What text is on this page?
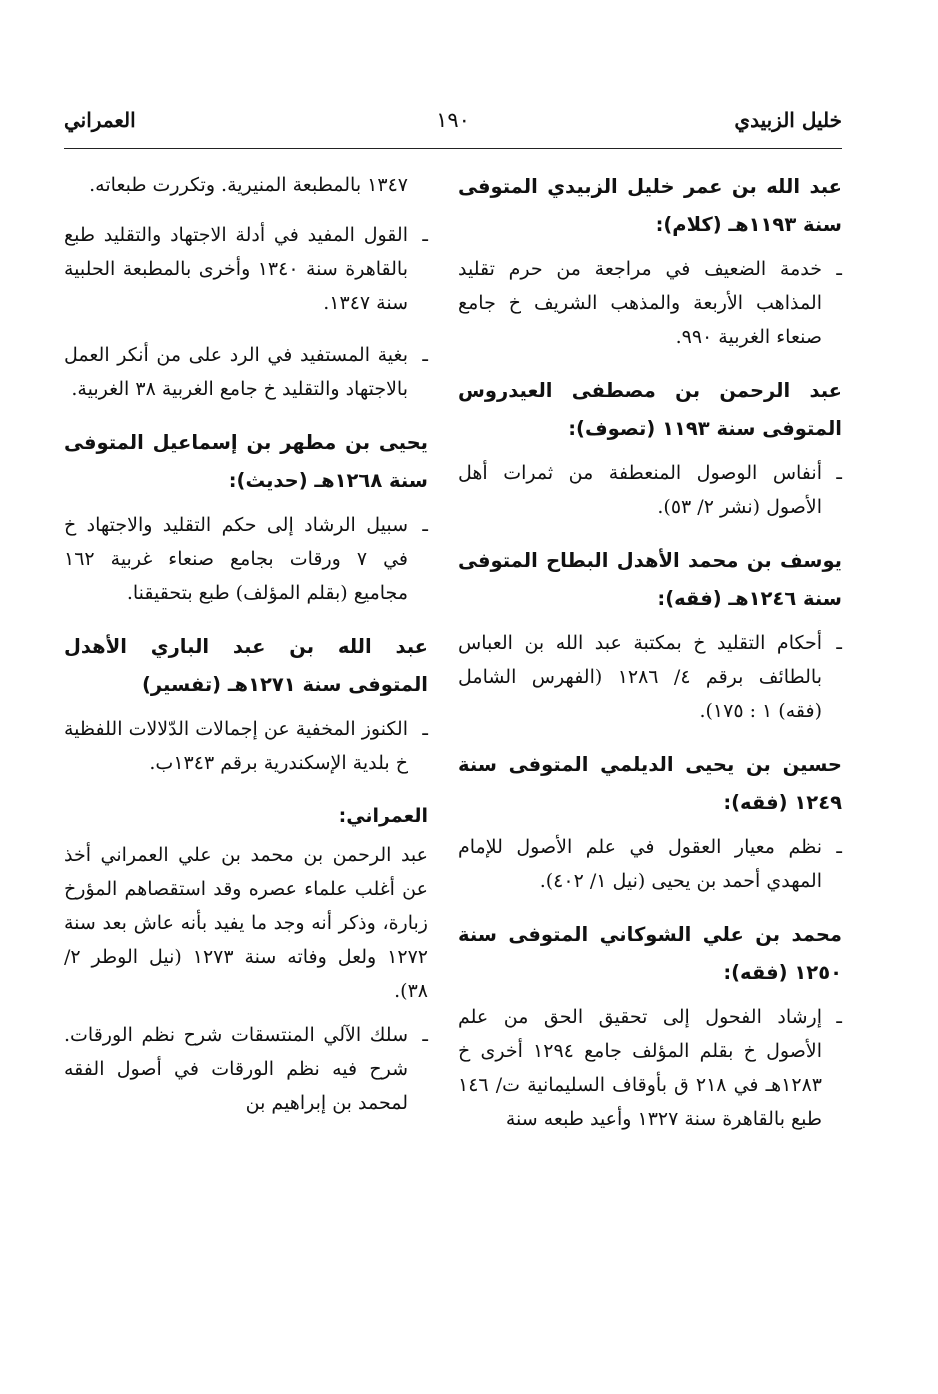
خليل الزبيدي
١٩٠
العمراني
عبد الله بن عمر خليل الزبيدي المتوفى سنة ١١٩٣هـ (كلام):
ـ
خدمة الضعيف في مراجعة من حرم تقليد المذاهب الأربعة والمذهب الشريف خ جامع صنعاء الغربية ٩٩٠.
عبد الرحمن بن مصطفى العيدروس المتوفى سنة ١١٩٣ (تصوف):
ـ
أنفاس الوصول المنعطفة من ثمرات أهل الأصول (نشر ٢/ ٥٣).
يوسف بن محمد الأهدل البطاح المتوفى سنة ١٢٤٦هـ (فقه):
ـ
أحكام التقليد خ بمكتبة عبد الله بن العباس بالطائف برقم ٤/ ١٢٨٦ (الفهرس الشامل (فقه) ١ : ١٧٥).
حسين بن يحيى الديلمي المتوفى سنة ١٢٤٩ (فقه):
ـ
نظم معيار العقول في علم الأصول للإمام المهدي أحمد بن يحيى (نيل ١/ ٤٠٢).
محمد بن علي الشوكاني المتوفى سنة ١٢٥٠ (فقه):
ـ
إرشاد الفحول إلى تحقيق الحق من علم الأصول خ بقلم المؤلف جامع ١٢٩٤ أخرى خ ١٢٨٣هـ في ٢١٨ ق بأوقاف السليمانية ت/ ١٤٦ طبع بالقاهرة سنة ١٣٢٧ وأعيد طبعه سنة
١٣٤٧ بالمطبعة المنيرية. وتكررت طبعاته.
ـ
القول المفيد في أدلة الاجتهاد والتقليد طبع بالقاهرة سنة ١٣٤٠ وأخرى بالمطبعة الحلبية سنة ١٣٤٧.
ـ
بغية المستفيد في الرد على من أنكر العمل بالاجتهاد والتقليد خ جامع الغربية ٣٨ الغربية.
يحيى بن مطهر بن إسماعيل المتوفى سنة ١٢٦٨هـ (حديث):
ـ
سبيل الرشاد إلى حكم التقليد والاجتهاد خ في ٧ ورقات بجامع صنعاء غربية ١٦٢ مجاميع (بقلم المؤلف) طبع بتحقيقنا.
عبد الله بن عبد الباري الأهدل المتوفى سنة ١٢٧١هـ (تفسير)
ـ
الكنوز المخفية عن إجمالات الدّلالات اللفظية خ بلدية الإسكندرية برقم ١٣٤٣ب.
العمراني:
عبد الرحمن بن محمد بن علي العمراني أخذ عن أغلب علماء عصره وقد استقصاهم المؤرخ زبارة، وذكر أنه وجد ما يفيد بأنه عاش بعد سنة ١٢٧٢ ولعل وفاته سنة ١٢٧٣ (نيل الوطر ٢/ ٣٨).
ـ
سلك الآلي المنتسقات شرح نظم الورقات. شرح فيه نظم الورقات في أصول الفقه لمحمد بن إبراهيم بن
